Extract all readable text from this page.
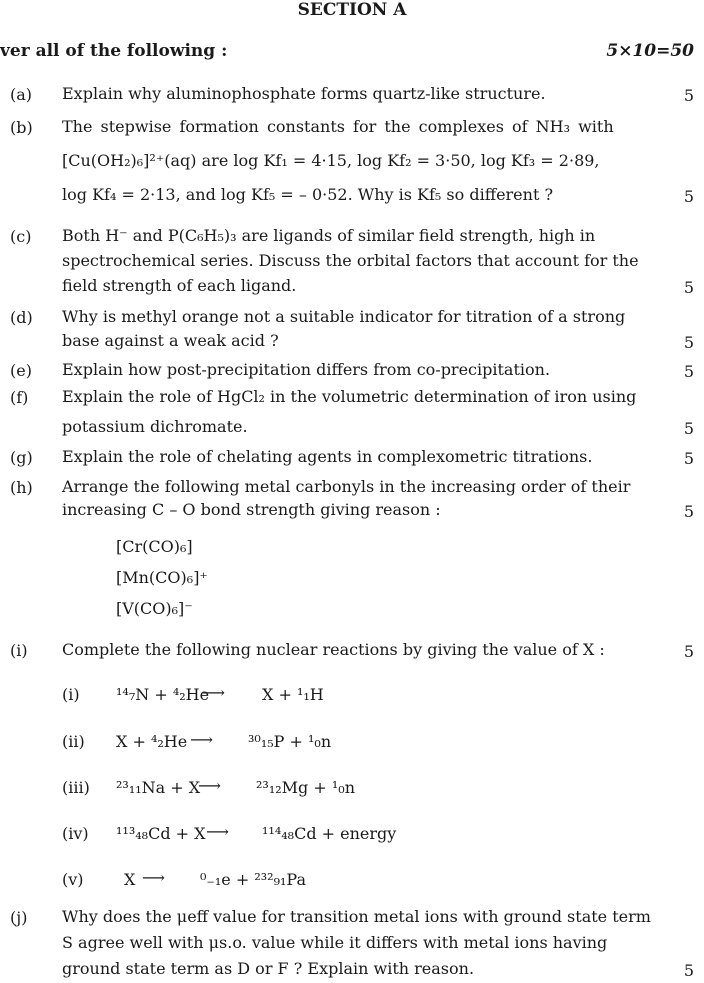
SECTION A
ver all of the following :	5×10=50
(a) Explain why aluminophosphate forms quartz-like structure.	5
(b) The stepwise formation constants for the complexes of NH₃ with
[Cu(OH₂)₆]²⁺(aq) are log Kf₁ = 4·15, log Kf₂ = 3·50, log Kf₃ = 2·89,
log Kf₄ = 2·13, and log Kf₅ = – 0·52. Why is Kf₅ so different ?	5
(c) Both H⁻ and P(C₆H₅)₃ are ligands of similar field strength, high in
spectrochemical series. Discuss the orbital factors that account for the
field strength of each ligand.	5
(d) Why is methyl orange not a suitable indicator for titration of a strong
base against a weak acid ?	5
(e) Explain how post-precipitation differs from co-precipitation.	5
(f) Explain the role of HgCl₂ in the volumetric determination of iron using
potassium dichromate.	5
(g) Explain the role of chelating agents in complexometric titrations.	5
(h) Arrange the following metal carbonyls in the increasing order of their
increasing C – O bond strength giving reason :	5
[Cr(CO)₆]
[Mn(CO)₆]⁺
[V(CO)₆]⁻
(i) Complete the following nuclear reactions by giving the value of X :	5
(i) ¹⁴₇N + ⁴₂He
⟶ X + ¹₁H
(ii) X + ⁴₂He ⟶ ³⁰₁₅P + ¹₀n
(iii) ²³₁₁Na + X
⟶ ²³₁₂Mg + ¹₀n
(iv) ¹¹³₄₈Cd + X ⟶ ¹¹⁴₄₈Cd + energy
(v)	X ⟶ ⁰₋₁e + ²³²₉₁Pa
(j) Why does the μeff value for transition metal ions with ground state term
S agree well with μs.o. value while it differs with metal ions having
ground state term as D or F ? Explain with reason.	5
